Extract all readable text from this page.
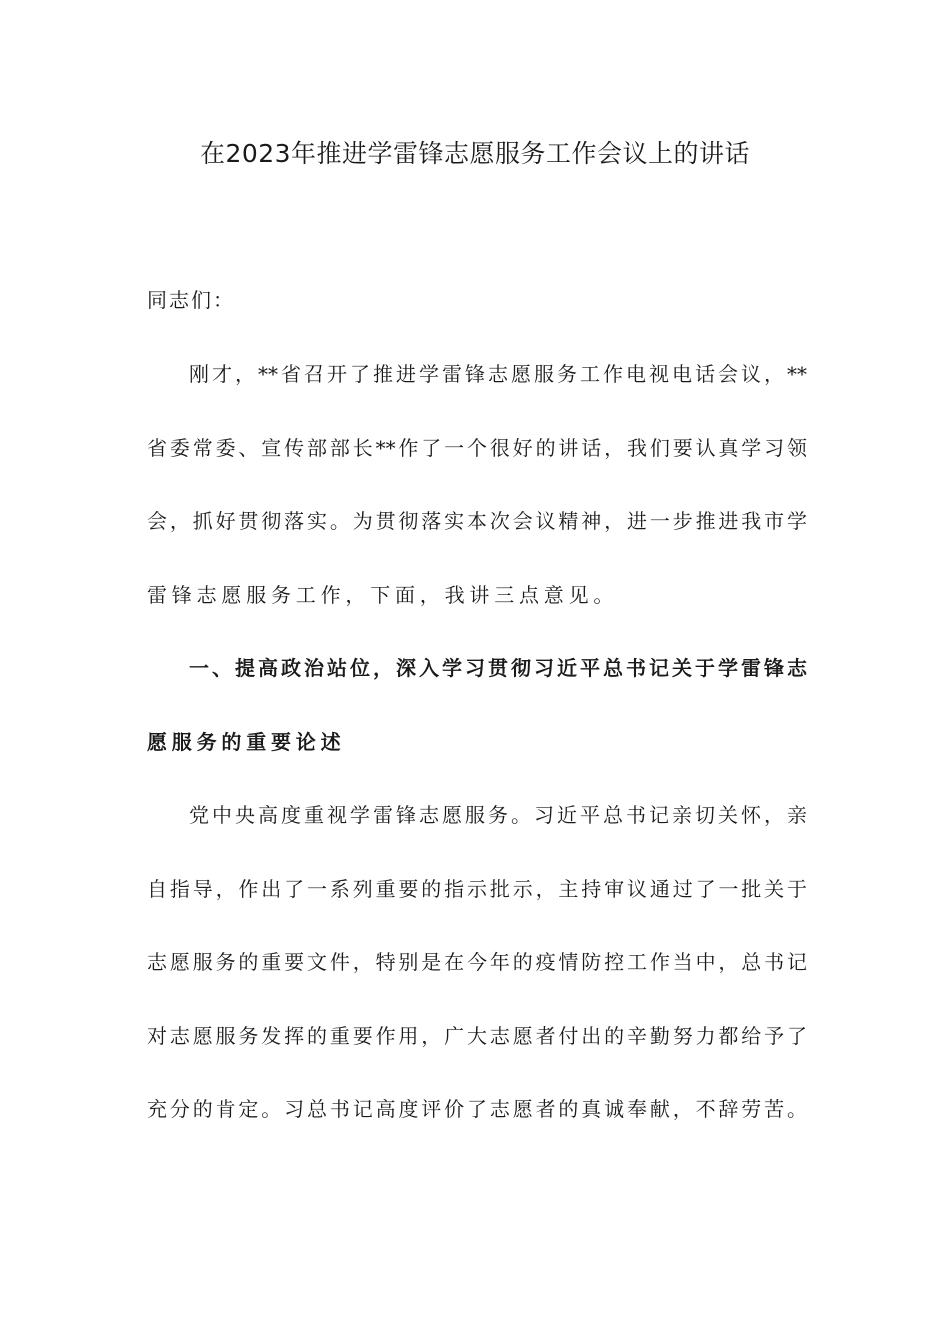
在2023年推进学雷锋志愿服务工作会议上的讲话
同志们：
刚才，**省召开了推进学雷锋志愿服务工作电视电话会议，**
省委常委、宣传部部长**作了一个很好的讲话，我们要认真学习领
会，抓好贯彻落实。为贯彻落实本次会议精神，进一步推进我市学
雷锋志愿服务工作，下面，我讲三点意见。
一、提高政治站位，深入学习贯彻习近平总书记关于学雷锋志
愿服务的重要论述
党中央高度重视学雷锋志愿服务。习近平总书记亲切关怀，亲
自指导，作出了一系列重要的指示批示，主持审议通过了一批关于
志愿服务的重要文件，特别是在今年的疫情防控工作当中，总书记
对志愿服务发挥的重要作用，广大志愿者付出的辛勤努力都给予了
充分的肯定。习总书记高度评价了志愿者的真诚奉献，不辞劳苦。
